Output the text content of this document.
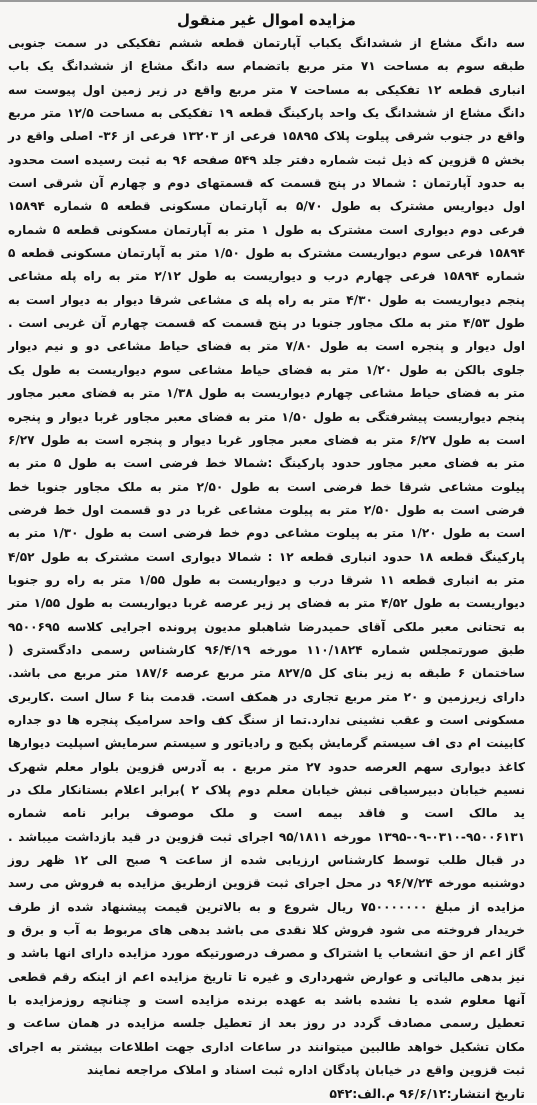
مزایده اموال غیر منقول

سه دانگ مشاع از ششدانگ یکباب آپارتمان قطعه ششم تفکیکی در سمت جنوبی طبقه سوم به مساحت ۷۱ متر مربع باتضمام سه دانگ مشاع از ششدانگ یک باب انباری قطعه ۱۲ تفکیکی به مساحت ۷ متر مربع واقع در زیر زمین اول پیوست سه دانگ مشاع از ششدانگ یک واحد پارکینگ قطعه ۱۹ تفکیکی به مساحت ۱۲/۵ متر مربع واقع در جنوب شرقی پیلوت پلاک ۱۵۸۹۵ فرعی از ۱۳۲۰۳ فرعی از ۳۶- اصلی واقع در بخش ۵ قزوین که ذیل ثبت شماره دفتر جلد ۵۴۹ صفحه ۹۶ به ثبت رسیده است محدود به حدود آپارتمان : شمالا در پنج قسمت که قسمتهای دوم و چهارم آن شرقی است اول دیواریس مشترک به طول ۵/۷۰ به آپارتمان مسکونی قطعه ۵ شماره ۱۵۸۹۴ فرعی دوم دیواری است مشترک به طول ۱ متر به آپارتمان مسکونی قطعه ۵ شماره ۱۵۸۹۴ فرعی سوم دیواریست مشترک به طول ۱/۵۰ متر به آپارتمان مسکونی قطعه ۵ شماره ۱۵۸۹۴ فرعی چهارم درب و دیواریست به طول ۲/۱۲ متر به راه پله مشاعی پنجم دیواریست به طول ۴/۳۰ متر به راه پله ی مشاعی شرقا دیوار به دیوار است به طول ۴/۵۳ متر به ملک مجاور جنوبا در پنج قسمت که قسمت چهارم آن غربی است . اول دیوار و پنجره است به طول ۷/۸۰ متر به فضای حیاط مشاعی دو و نیم دیوار جلوی بالکن به طول ۱/۲۰ متر به فضای حیاط مشاعی سوم دیواریست به طول یک متر به فضای حیاط مشاعی چهارم دیواریست به طول ۱/۳۸ متر به فضای معبر مجاور پنجم دیواریست پیشرفتگی به طول ۱/۵۰ متر به فضای معبر مجاور غربا دیوار و پنجره است به طول ۶/۲۷ متر به فضای معبر مجاور غربا دیوار و پنجره است به طول ۶/۲۷ متر به فضای معبر مجاور حدود پارکینگ :شمالا خط فرضی است به طول ۵ متر به پیلوت مشاعی شرقا خط فرضی است به طول ۲/۵۰ متر به ملک مجاور جنوبا خط فرضی است به طول ۲/۵۰ متر به پیلوت مشاعی غربا در دو قسمت اول خط فرضی است به طول ۱/۲۰ متر به پیلوت مشاعی دوم خط فرضی است به طول ۱/۳۰ متر به پارکینگ قطعه ۱۸ حدود انباری قطعه ۱۲ : شمالا دیواری است مشترک به طول ۴/۵۲ متر به انباری قطعه ۱۱ شرقا درب و دیواریست به طول ۱/۵۵ متر به راه رو جنوبا دیواریست به طول ۴/۵۲ متر به فضای پر زیر عرصه غربا دیواریست به طول ۱/۵۵ متر به تحتانی معبر ملکی آقای حمیدرضا شاهبلو مدیون پرونده اجرایی کلاسه ۹۵۰۰۶۹۵ طبق صورتمجلس شماره ۱۱۰/۱۸۲۴ مورخه ۹۶/۴/۱۹ کارشناس رسمی دادگستری ( ساختمان ۶ طبقه به زیر بنای کل ۸۲۷/۵ متر مربع عرصه ۱۸۷/۶ متر مربع می باشد. دارای زیرزمین و ۲۰ متر مربع تجاری در همکف است. قدمت بنا ۶ سال است .کاربری مسکونی است و عقب نشینی ندارد.تما از سنگ کف واحد سرامیک پنجره ها دو جداره کابینت ام دی اف سیستم گرمایش پکیج و رادیاتور و سیستم سرمایش اسپلیت دیوارها کاغذ دیواری سهم العرصه حدود ۲۷ متر مربع . به آدرس قزوین بلوار معلم شهرک نسیم خیابان دبیرسیاقی نبش خیابان معلم دوم پلاک ۲ )برابر اعلام بستانکار ملک در ید مالک است و فاقد بیمه است و ملک موصوف برابر نامه شماره ۹۵۰۰۶۱۳۱-۰۳۱۰-۰۹-۱۳۹۵ مورخه ۹۵/۱۸۱۱ اجرای ثبت قزوین در قید بازداشت میباشد . در قبال طلب توسط کارشناس ارزیابی شده از ساعت ۹ صبح الی ۱۲ ظهر روز دوشنبه مورخه ۹۶/۷/۲۴ در محل اجرای ثبت قزوین ازطریق مزایده به فروش می رسد مزایده از مبلغ ۷۵۰۰۰۰۰۰۰ ریال شروع و به بالاترین قیمت پیشنهاد شده از طرف خریدار فروخته می شود فروش کلا نقدی می باشد بدهی های مربوط به آب و برق و گاز اعم از حق انشعاب یا اشتراک و مصرف درصورتیکه مورد مزایده دارای انها باشد و نیز بدهی مالیاتی و عوارض شهرداری و غیره تا تاریخ مزایده اعم از اینکه رقم قطعی آنها معلوم شده یا نشده باشد به عهده برنده مزایده است و چنانچه روزمزایده با تعطیل رسمی مصادف گردد در روز بعد از تعطیل جلسه مزایده در همان ساعت و مکان تشکیل خواهد طالبین میتوانند در ساعات اداری جهت اطلاعات بیشتر به اجرای ثبت قزوین واقع در خیابان پادگان اداره ثبت اسناد و املاک مراجعه نمایند

تاریخ انتشار:۹۶/۶/۱۲ م.الف:۵۴۲
